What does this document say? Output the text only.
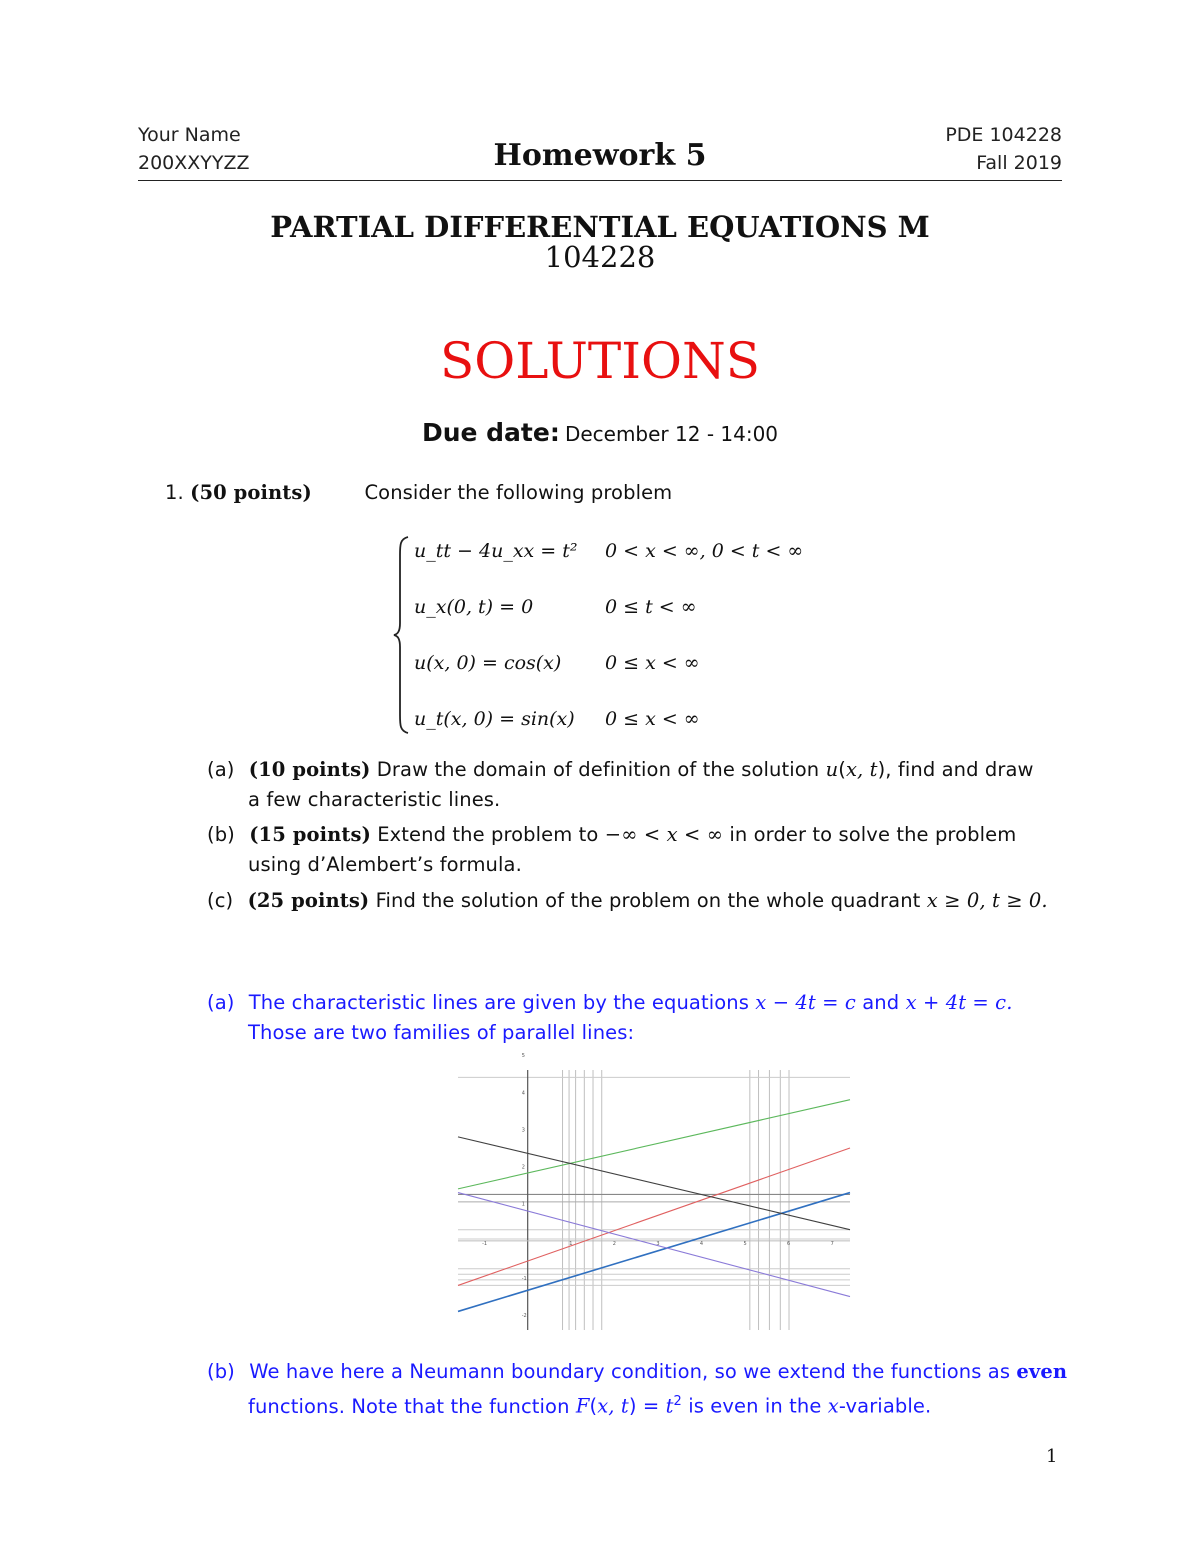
Your Name
200XXYYZZ	Homework 5
PDE 104228
Fall 2019
PARTIAL DIFFERENTIAL EQUATIONS M
104228
SOLUTIONS
Due date: December 12 - 14:00
1. (50 points)	Consider the following problem
u_tt − 4u_xx = t² 0 < x < ∞, 0 < t < ∞
u_x(0, t) = 0	0 ≤ t < ∞
u(x, 0) = cos(x) 0 ≤ x < ∞
u_t(x, 0) = sin(x) 0 ≤ x < ∞
(a) (10 points) Draw the domain of definition of the solution u(x, t), find and draw
a few characteristic lines.
(b) (15 points) Extend the problem to −∞ < x < ∞ in order to solve the problem
using d’Alembert’s formula.
(c) (25 points) Find the solution of the problem on the whole quadrant x ≥ 0, t ≥ 0.
(a) The characteristic lines are given by the equations x − 4t = c and x + 4t = c.
Those are two families of parallel lines:
-1	1	2	3	4	5	6	7
5
4
3
2
1
-1
-2
(b) We have here a Neumann boundary condition, so we extend the functions as even
functions. Note that the function F(x, $t) = t^2$ is even in the x-variable.
1
